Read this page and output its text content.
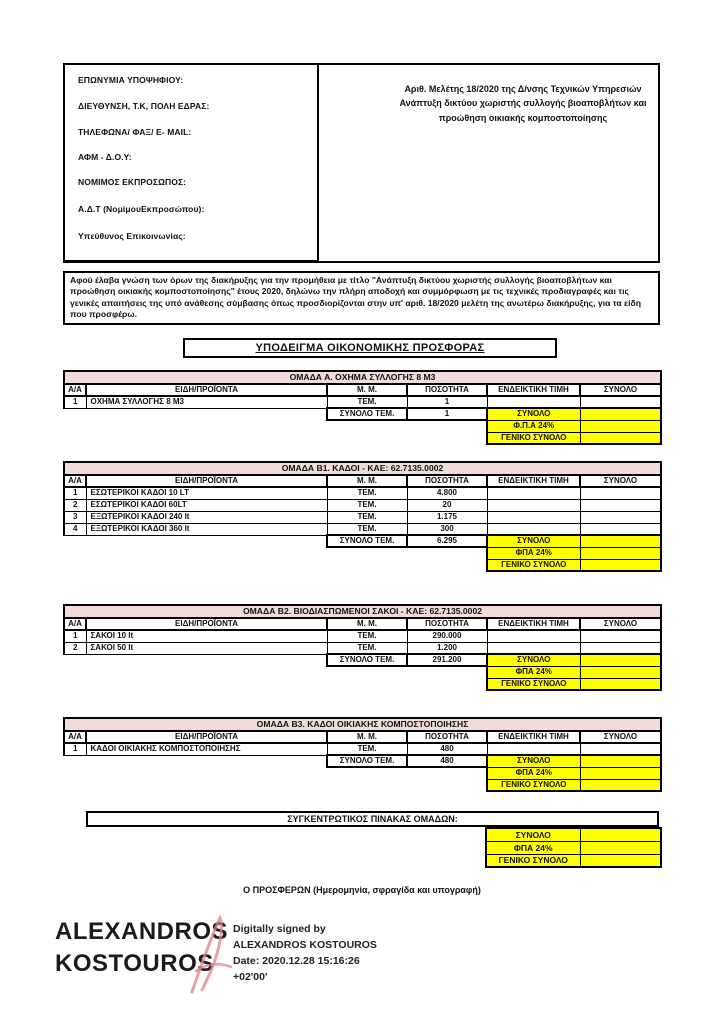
ΕΠΩΝΥΜΙΑ ΥΠΟΨΗΦΙΟΥ:
ΔΙΕΥΘΥΝΣΗ, Τ.Κ, ΠΟΛΗ ΕΔΡΑΣ:
ΤΗΛΕΦΩΝΑ/ ΦΑΞ/ E- MAIL:
ΑΦΜ - Δ.Ο.Υ:
ΝΟΜΙΜΟΣ ΕΚΠΡΟΣΩΠΟΣ:
Α.Δ.Τ (ΝομίμουΕκπροσώπου):
Υπεύθυνος Επικοινωνίας:
Αριθ. Μελέτης 18/2020 της Δ/νσης Τεχνικών Υπηρεσιών
Ανάπτυξη δικτύου χωριστής συλλογής βιοαποβλήτων και
προώθηση οικιακής κομποστοποίησης
Αφού έλαβα γνώση των όρων της διακήρυξης για την προμήθεια με τίτλο "Ανάπτυξη δικτύου χωριστής συλλογής βιοαποβλήτων και προώθηση οικιακής κομποστοποίησης" έτους 2020, δηλώνω την πλήρη αποδοχή και συμμόρφωση με τις τεχνικές προδιαγραφές και τις γενικές απαιτήσεις της υπό ανάθεσης σύμβασης όπως προσδιορίζονται στην υπ' αριθ. 18/2020 μελέτη της ανωτέρω διακήρυξης, για τα είδη που προσφέρω.
ΥΠΟΔΕΙΓΜΑ ΟΙΚΟΝΟΜΙΚΗΣ ΠΡΟΣΦΟΡΑΣ
ΟΜΑΔΑ Α. ΟΧΗΜΑ ΣΥΛΛΟΓΗΣ 8 Μ3					
Α/Α	ΕΙΔΗ/ΠΡΟΪΟΝΤΑ	Μ. Μ.	ΠΟΣΟΤΗΤΑ	ΕΝΔΕΙΚΤΙΚΗ ΤΙΜΗ	ΣΥΝΟΛΟ
1	ΟΧΗΜΑ ΣΥΛΛΟΓΗΣ 8 Μ3	ΤΕΜ.	1		
		ΣΥΝΟΛΟ ΤΕΜ.	1	ΣΥΝΟΛΟ	
				Φ.Π.Α 24%	
				ΓΕΝΙΚΟ ΣΥΝΟΛΟ	
ΟΜΑΔΑ Β1. ΚΑΔΟΙ - ΚΑΕ: 62.7135.0002					
Α/Α	ΕΙΔΗ/ΠΡΟΪΟΝΤΑ	Μ. Μ.	ΠΟΣΟΤΗΤΑ	ΕΝΔΕΙΚΤΙΚΗ ΤΙΜΗ	ΣΥΝΟΛΟ
1	ΕΣΩΤΕΡΙΚΟΙ ΚΑΔΟΙ 10 LT	ΤΕΜ.	4.800		
2	ΕΣΩΤΕΡΙΚΟΙ ΚΑΔΟΙ 60LT	ΤΕΜ.	20		
3	ΕΞΩΤΕΡΙΚΟΙ ΚΑΔΟΙ 240 lt	ΤΕΜ.	1.175		
4	ΕΞΩΤΕΡΙΚΟΙ ΚΑΔΟΙ 360 lt	ΤΕΜ.	300		
		ΣΥΝΟΛΟ ΤΕΜ.	6.295	ΣΥΝΟΛΟ	
				ΦΠΑ 24%	
				ΓΕΝΙΚΟ ΣΥΝΟΛΟ	
ΟΜΑΔΑ Β2. ΒΙΟΔΙΑΣΠΩΜΕΝΟΙ ΣΑΚΟΙ - ΚΑΕ: 62.7135.0002					
Α/Α	ΕΙΔΗ/ΠΡΟΪΟΝΤΑ	Μ. Μ.	ΠΟΣΟΤΗΤΑ	ΕΝΔΕΙΚΤΙΚΗ ΤΙΜΗ	ΣΥΝΟΛΟ
1	ΣΑΚΟΙ 10 lt	ΤΕΜ.	290.000		
2	ΣΑΚΟΙ 50 lt	ΤΕΜ.	1.200		
		ΣΥΝΟΛΟ ΤΕΜ.	291.200	ΣΥΝΟΛΟ	
				ΦΠΑ 24%	
				ΓΕΝΙΚΟ ΣΥΝΟΛΟ	
ΟΜΑΔΑ Β3. ΚΑΔΟΙ ΟΙΚΙΑΚΗΣ ΚΟΜΠΟΣΤΟΠΟΙΗΣΗΣ					
Α/Α	ΕΙΔΗ/ΠΡΟΪΟΝΤΑ	Μ. Μ.	ΠΟΣΟΤΗΤΑ	ΕΝΔΕΙΚΤΙΚΗ ΤΙΜΗ	ΣΥΝΟΛΟ
1	ΚΑΔΟΙ ΟΙΚΙΑΚΗΣ ΚΟΜΠΟΣΤΟΠΟΙΗΣΗΣ	ΤΕΜ.	480		
		ΣΥΝΟΛΟ ΤΕΜ.	480	ΣΥΝΟΛΟ	
				ΦΠΑ 24%	
				ΓΕΝΙΚΟ ΣΥΝΟΛΟ	
ΣΥΓΚΕΝΤΡΩΤΙΚΟΣ ΠΙΝΑΚΑΣ ΟΜΑΔΩΝ:
ΣΥΝΟΛΟ	
ΦΠΑ 24%	
ΓΕΝΙΚΟ ΣΥΝΟΛΟ	
Ο ΠΡΟΣΦΕΡΩΝ (Ημερομηνία, σφραγίδα και υπογραφή)
ALEXANDROS
KOSTOUROS
Digitally signed by
ALEXANDROS KOSTOUROS
Date: 2020.12.28 15:16:26
+02'00'
